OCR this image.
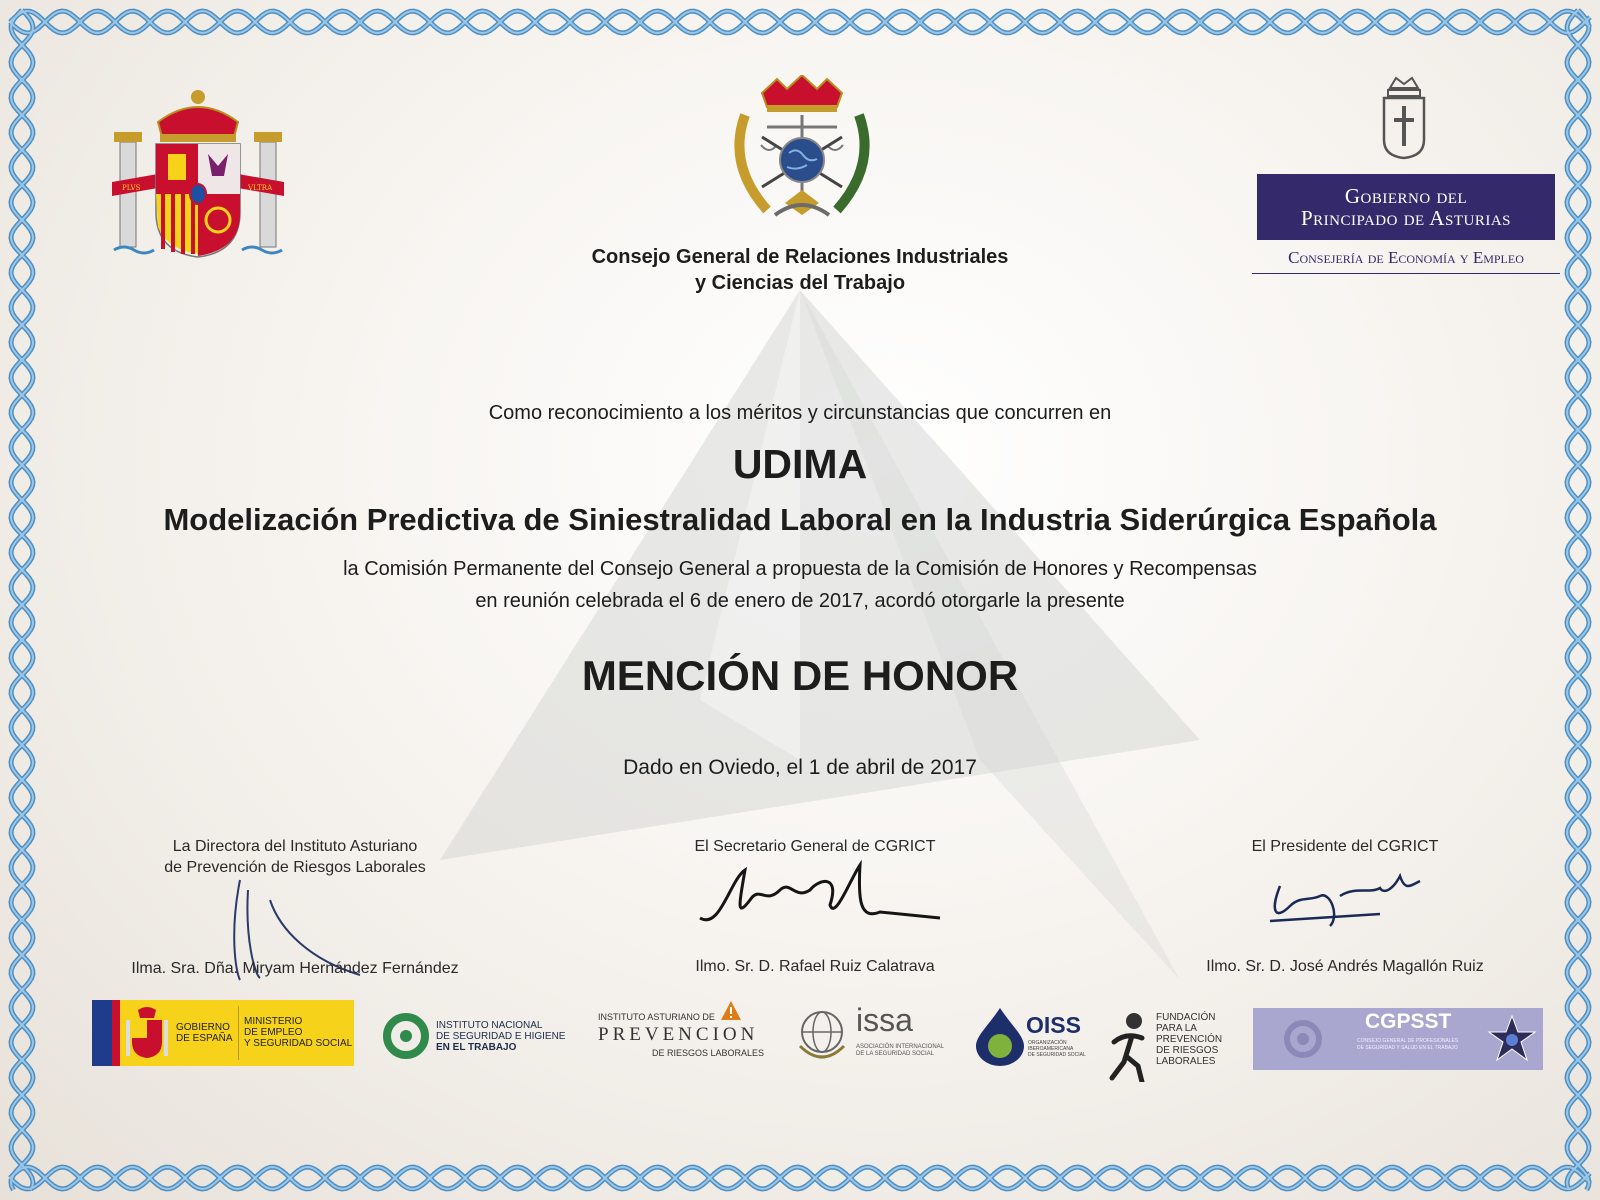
PLVS	VLTRA
Consejo General de Relaciones Industriales
y Ciencias del Trabajo
Gobierno del
Principado de Asturias
Consejería de Economía y Empleo
Como reconocimiento a los méritos y circunstancias que concurren en
UDIMA
Modelización Predictiva de Siniestralidad Laboral en la Industria Siderúrgica Española
la Comisión Permanente del Consejo General a propuesta de la Comisión de Honores y Recompensas
en reunión celebrada el 6 de enero de 2017, acordó otorgarle la presente
MENCIÓN DE HONOR
Dado en Oviedo, el 1 de abril de 2017
La Directora del Instituto Asturiano
de Prevención de Riesgos Laborales
Ilma. Sra. Dña. Miryam Hernández Fernández
El Secretario General de CGRICT
Ilmo. Sr. D. Rafael Ruiz Calatrava
El Presidente del CGRICT
Ilmo. Sr. D. José Andrés Magallón Ruiz
GOBIERNO
DE ESPAÑA
MINISTERIO
DE EMPLEO
Y SEGURIDAD SOCIAL
INSTITUTO NACIONAL
DE SEGURIDAD E HIGIENE
EN EL TRABAJO
INSTITUTO ASTURIANO DE
PREVENCION
DE RIESGOS LABORALES
issa
ASOCIACIÓN INTERNACIONAL
DE LA SEGURIDAD SOCIAL
OISS
ORGANIZACIÓN
IBEROAMERICANA
DE SEGURIDAD SOCIAL
FUNDACIÓN
PARA LA
PREVENCIÓN
DE RIESGOS
LABORALES
CGPSST
CONSEJO GENERAL DE PROFESIONALES
DE SEGURIDAD Y SALUD EN EL TRABAJO
